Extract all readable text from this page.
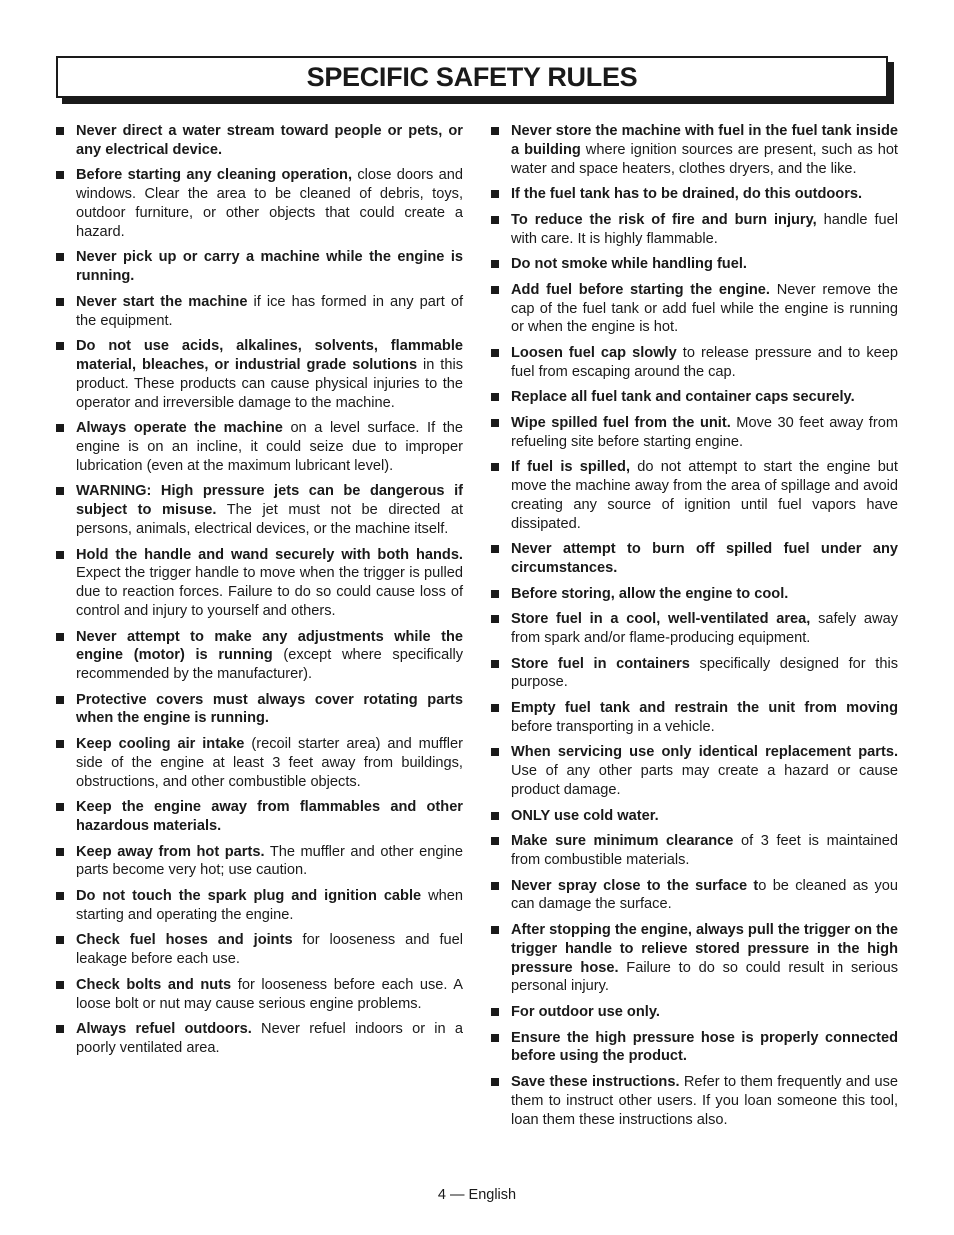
SPECIFIC SAFETY RULES
Never direct a water stream toward people or pets, or any electrical device.
Before starting any cleaning operation, close doors and windows. Clear the area to be cleaned of debris, toys, outdoor furniture, or other objects that could create a hazard.
Never pick up or carry a machine while the engine is running.
Never start the machine if ice has formed in any part of the equipment.
Do not use acids, alkalines, solvents, flammable material, bleaches, or industrial grade solutions in this product. These products can cause physical injuries to the operator and irreversible damage to the machine.
Always operate the machine on a level surface. If the engine is on an incline, it could seize due to improper lubrication (even at the maximum lubricant level).
WARNING: High pressure jets can be dangerous if subject to misuse. The jet must not be directed at persons, animals, electrical devices, or the machine itself.
Hold the handle and wand securely with both hands. Expect the trigger handle to move when the trigger is pulled due to reaction forces. Failure to do so could cause loss of control and injury to yourself and others.
Never attempt to make any adjustments while the engine (motor) is running (except where specifically recommended by the manufacturer).
Protective covers must always cover rotating parts when the engine is running.
Keep cooling air intake (recoil starter area) and muffler side of the engine at least 3 feet away from buildings, obstructions, and other combustible objects.
Keep the engine away from flammables and other hazardous materials.
Keep away from hot parts. The muffler and other engine parts become very hot; use caution.
Do not touch the spark plug and ignition cable when starting and operating the engine.
Check fuel hoses and joints for looseness and fuel leakage before each use.
Check bolts and nuts for looseness before each use. A loose bolt or nut may cause serious engine problems.
Always refuel outdoors. Never refuel indoors or in a poorly ventilated area.
Never store the machine with fuel in the fuel tank inside a building where ignition sources are present, such as hot water and space heaters, clothes dryers, and the like.
If the fuel tank has to be drained, do this outdoors.
To reduce the risk of fire and burn injury, handle fuel with care. It is highly flammable.
Do not smoke while handling fuel.
Add fuel before starting the engine. Never remove the cap of the fuel tank or add fuel while the engine is running or when the engine is hot.
Loosen fuel cap slowly to release pressure and to keep fuel from escaping around the cap.
Replace all fuel tank and container caps securely.
Wipe spilled fuel from the unit. Move 30 feet away from refueling site before starting engine.
If fuel is spilled, do not attempt to start the engine but move the machine away from the area of spillage and avoid creating any source of ignition until fuel vapors have dissipated.
Never attempt to burn off spilled fuel under any circumstances.
Before storing, allow the engine to cool.
Store fuel in a cool, well-ventilated area, safely away from spark and/or flame-producing equipment.
Store fuel in containers specifically designed for this purpose.
Empty fuel tank and restrain the unit from moving before transporting in a vehicle.
When servicing use only identical replacement parts. Use of any other parts may create a hazard or cause product damage.
ONLY use cold water.
Make sure minimum clearance of 3 feet is maintained from combustible materials.
Never spray close to the surface to be cleaned as you can damage the surface.
After stopping the engine, always pull the trigger on the trigger handle to relieve stored pressure in the high pressure hose. Failure to do so could result in serious personal injury.
For outdoor use only.
Ensure the high pressure hose is properly connected before using the product.
Save these instructions. Refer to them frequently and use them to instruct other users. If you loan someone this tool, loan them these instructions also.
4 — English
